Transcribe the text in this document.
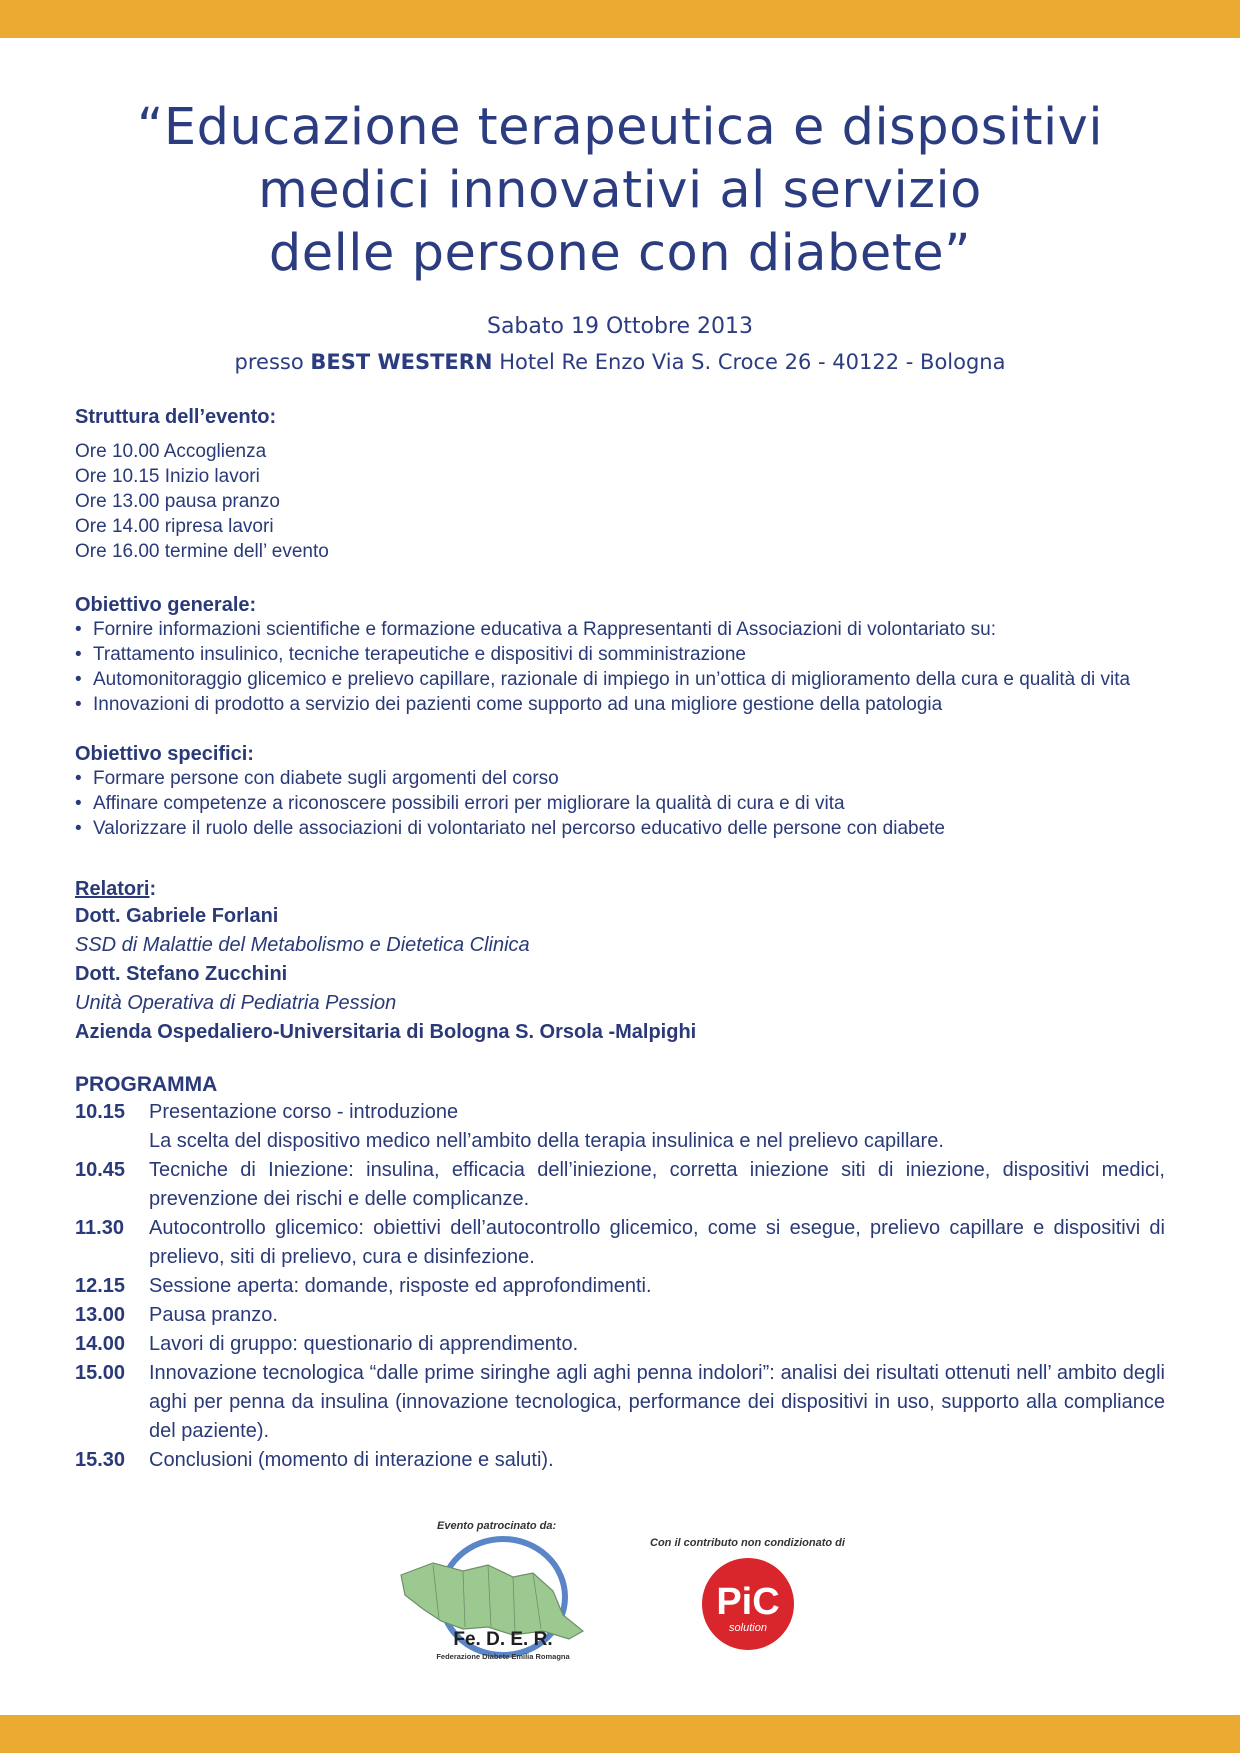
“Educazione terapeutica e dispositivi
medici innovativi al servizio
delle persone con diabete”
Sabato 19 Ottobre 2013
presso BEST WESTERN Hotel Re Enzo Via S. Croce 26 - 40122 - Bologna
Struttura dell’evento:
Ore 10.00 Accoglienza
Ore 10.15 Inizio lavori
Ore 13.00 pausa pranzo
Ore 14.00 ripresa lavori
Ore 16.00 termine dell’ evento
Obiettivo generale:
• Fornire informazioni scientifiche e formazione educativa a Rappresentanti di Associazioni di volontariato su:
• Trattamento insulinico, tecniche terapeutiche e dispositivi di somministrazione
• Automonitoraggio glicemico e prelievo capillare, razionale di impiego in un’ottica di miglioramento della cura e qualità di vita
• Innovazioni di prodotto a servizio dei pazienti come supporto ad una migliore gestione della patologia
Obiettivo specifici:
• Formare persone con diabete sugli argomenti del corso
• Affinare competenze a riconoscere possibili errori per migliorare la qualità di cura e di vita
• Valorizzare il ruolo delle associazioni di volontariato nel percorso educativo delle persone con diabete
Relatori:
Dott. Gabriele Forlani
SSD di Malattie del Metabolismo e Dietetica Clinica
Dott. Stefano Zucchini
Unità Operativa di Pediatria Pession
Azienda Ospedaliero-Universitaria di Bologna S. Orsola -Malpighi
PROGRAMMA
10.15	Presentazione corso - introduzione
La scelta del dispositivo medico nell’ambito della terapia insulinica e nel prelievo capillare.
10.45	Tecniche di Iniezione: insulina, efficacia dell’iniezione, corretta iniezione siti di iniezione, dispositivi medici, prevenzione dei rischi e delle complicanze.
11.30	Autocontrollo glicemico: obiettivi dell’autocontrollo glicemico, come si esegue, prelievo capillare e dispositivi di prelievo, siti di prelievo, cura e disinfezione.
12.15	Sessione aperta: domande, risposte ed approfondimenti.
13.00	Pausa pranzo.
14.00	Lavori di gruppo: questionario di apprendimento.
15.00	Innovazione tecnologica “dalle prime siringhe agli aghi penna indolori”: analisi dei risultati ottenuti nell’ ambito degli aghi per penna da insulina (innovazione tecnologica, performance dei dispositivi in uso, supporto alla compliance del paziente).
15.30	Conclusioni (momento di interazione e saluti).
Evento patrocinato da:
Con il contributo non condizionato di
Fe. D. E. R.
Federazione Diabete Emilia Romagna
PiC
solution
